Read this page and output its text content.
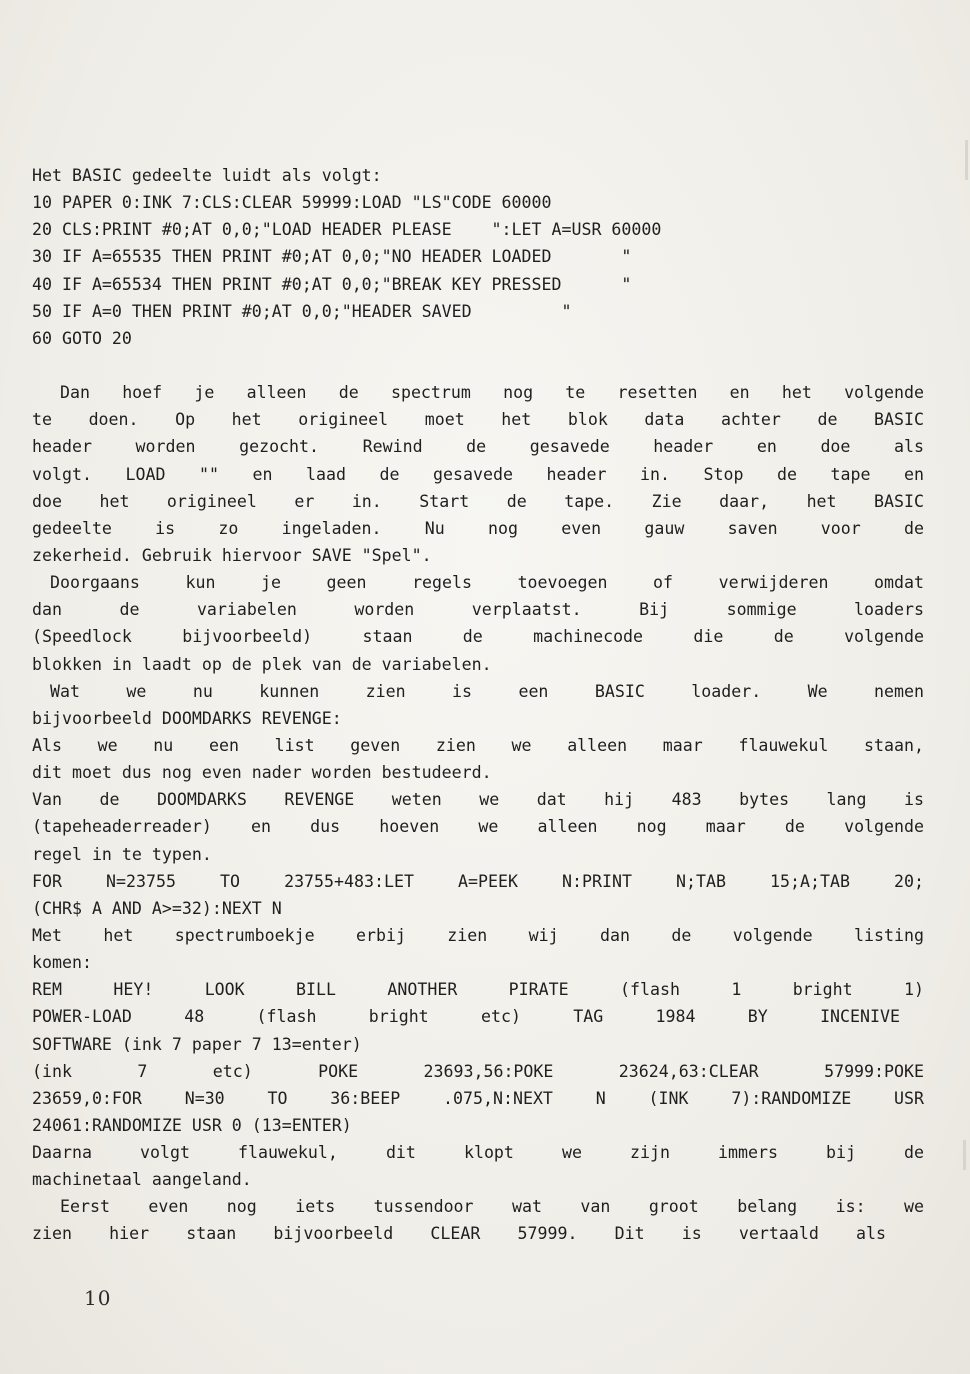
Het BASIC gedeelte luidt als volgt:
10 PAPER 0:INK 7:CLS:CLEAR 59999:LOAD "LS"CODE 60000
20 CLS:PRINT #0;AT 0,0;"LOAD HEADER PLEASE    ":LET A=USR 60000
30 IF A=65535 THEN PRINT #0;AT 0,0;"NO HEADER LOADED       "
40 IF A=65534 THEN PRINT #0;AT 0,0;"BREAK KEY PRESSED      "
50 IF A=0 THEN PRINT #0;AT 0,0;"HEADER SAVED         "
60 GOTO 20
Dan hoef je alleen de spectrum nog te resetten en het volgende
te doen. Op het origineel moet het blok data achter de BASIC
header worden gezocht. Rewind de gesavede header en doe als
volgt. LOAD "" en laad de gesavede header in. Stop de tape en
doe het origineel er in. Start de tape. Zie daar, het BASIC
gedeelte is zo ingeladen. Nu nog even gauw saven voor de
zekerheid. Gebruik hiervoor SAVE "Spel".
Doorgaans kun je geen regels toevoegen of verwijderen omdat
dan de variabelen worden verplaatst. Bij sommige loaders
(Speedlock bijvoorbeeld) staan de machinecode die de volgende
blokken in laadt op de plek van de variabelen.
Wat we nu kunnen zien is een BASIC loader. We nemen
bijvoorbeeld DOOMDARKS REVENGE:
Als we nu een list geven zien we alleen maar flauwekul staan,
dit moet dus nog even nader worden bestudeerd.
Van de DOOMDARKS REVENGE weten we dat hij 483 bytes lang is
(tapeheaderreader) en dus hoeven we alleen nog maar de volgende
regel in te typen.
FOR N=23755 TO 23755+483:LET A=PEEK N:PRINT N;TAB 15;A;TAB 20;
(CHR$ A AND A>=32):NEXT N
Met het spectrumboekje erbij zien wij dan de volgende listing
komen:
REM HEY! LOOK BILL ANOTHER PIRATE (flash 1 bright 1)
POWER-LOAD 48 (flash bright etc) TAG 1984 BY INCENIVE
SOFTWARE (ink 7 paper 7 13=enter)
(ink 7 etc) POKE 23693,56:POKE 23624,63:CLEAR 57999:POKE
23659,0:FOR N=30 TO 36:BEEP .075,N:NEXT N (INK 7):RANDOMIZE USR
24061:RANDOMIZE USR 0 (13=ENTER)
Daarna volgt flauwekul, dit klopt we zijn immers bij de
machinetaal aangeland.
Eerst even nog iets tussendoor wat van groot belang is: we
zien hier staan bijvoorbeeld CLEAR 57999. Dit is vertaald als
10
